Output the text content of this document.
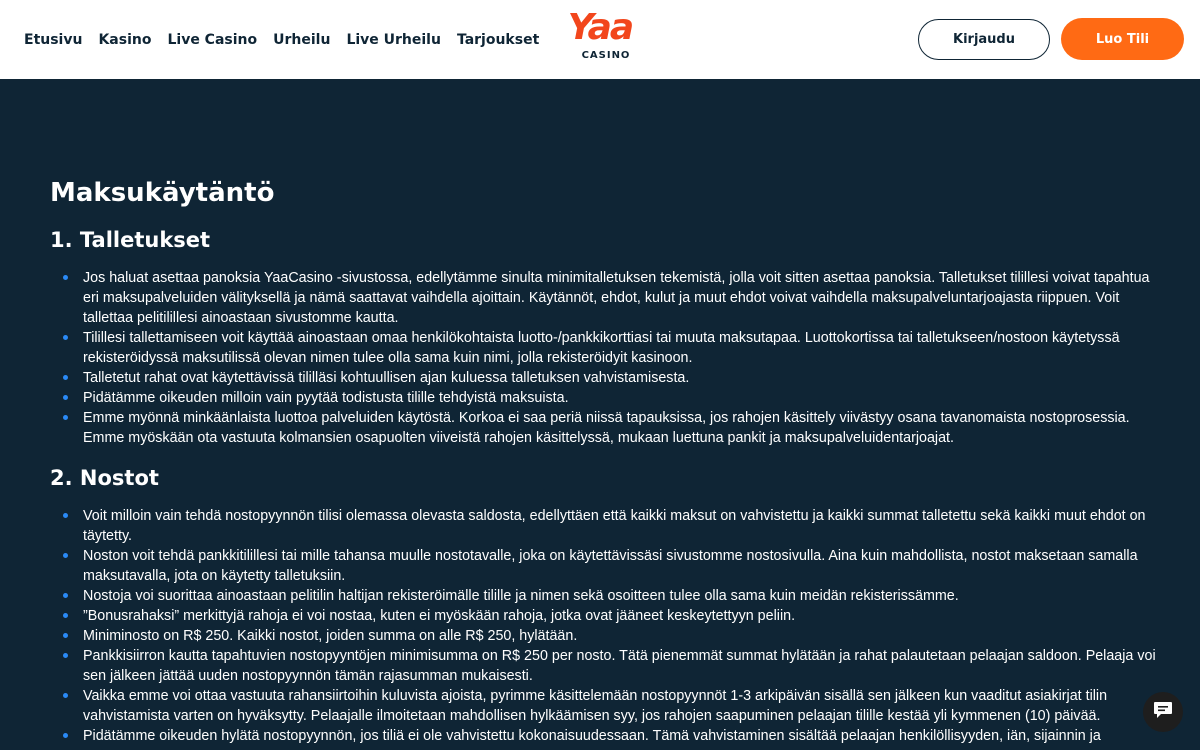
Etusivu Kasino Live Casino Urheilu Live Urheilu Tarjoukset Yaa
CASINO
Kirjaudu	Luo Tili
Maksukäytäntö
1. Talletukset
Jos haluat asettaa panoksia YaaCasino -sivustossa, edellytämme sinulta minimitalletuksen tekemistä, jolla voit sitten asettaa panoksia. Talletukset tilillesi voivat tapahtua eri maksupalveluiden välityksellä ja nämä saattavat vaihdella ajoittain. Käytännöt, ehdot, kulut ja muut ehdot voivat vaihdella maksupalveluntarjoajasta riippuen. Voit tallettaa pelitilillesi ainoastaan sivustomme kautta.
Tilillesi tallettamiseen voit käyttää ainoastaan omaa henkilökohtaista luotto-/pankkikorttiasi tai muuta maksutapaa. Luottokortissa tai talletukseen/nostoon käytetyssä rekisteröidyssä maksutilissä olevan nimen tulee olla sama kuin nimi, jolla rekisteröidyit kasinoon.
Talletetut rahat ovat käytettävissä tililläsi kohtuullisen ajan kuluessa talletuksen vahvistamisesta.
Pidätämme oikeuden milloin vain pyytää todistusta tilille tehdyistä maksuista.
Emme myönnä minkäänlaista luottoa palveluiden käytöstä. Korkoa ei saa periä niissä tapauksissa, jos rahojen käsittely viivästyy osana tavanomaista nostoprosessia. Emme myöskään ota vastuuta kolmansien osapuolten viiveistä rahojen käsittelyssä, mukaan luettuna pankit ja maksupalveluidentarjoajat.
2. Nostot
Voit milloin vain tehdä nostopyynnön tilisi olemassa olevasta saldosta, edellyttäen että kaikki maksut on vahvistettu ja kaikki summat talletettu sekä kaikki muut ehdot on täytetty.
Noston voit tehdä pankkitilillesi tai mille tahansa muulle nostotavalle, joka on käytettävissäsi sivustomme nostosivulla. Aina kuin mahdollista, nostot maksetaan samalla maksutavalla, jota on käytetty talletuksiin.
Nostoja voi suorittaa ainoastaan pelitilin haltijan rekisteröimälle tilille ja nimen sekä osoitteen tulee olla sama kuin meidän rekisterissämme.
”Bonusrahaksi” merkittyjä rahoja ei voi nostaa, kuten ei myöskään rahoja, jotka ovat jääneet keskeytettyyn peliin.
Miniminosto on R$ 250. Kaikki nostot, joiden summa on alle R$ 250, hylätään.
Pankkisiirron kautta tapahtuvien nostopyyntöjen minimisumma on R$ 250 per nosto. Tätä pienemmät summat hylätään ja rahat palautetaan pelaajan saldoon. Pelaaja voi sen jälkeen jättää uuden nostopyynnön tämän rajasumman mukaisesti.
Vaikka emme voi ottaa vastuuta rahansiirtoihin kuluvista ajoista, pyrimme käsittelemään nostopyynnöt 1-3 arkipäivän sisällä sen jälkeen kun vaaditut asiakirjat tilin vahvistamista varten on hyväksytty. Pelaajalle ilmoitetaan mahdollisen hylkäämisen syy, jos rahojen saapuminen pelaajan tilille kestää yli kymmenen (10) päivää.
Pidätämme oikeuden hylätä nostopyynnön, jos tiliä ei ole vahvistettu kokonaisuudessaan. Tämä vahvistaminen sisältää pelaajan henkilöllisyyden, iän, sijainnin ja
